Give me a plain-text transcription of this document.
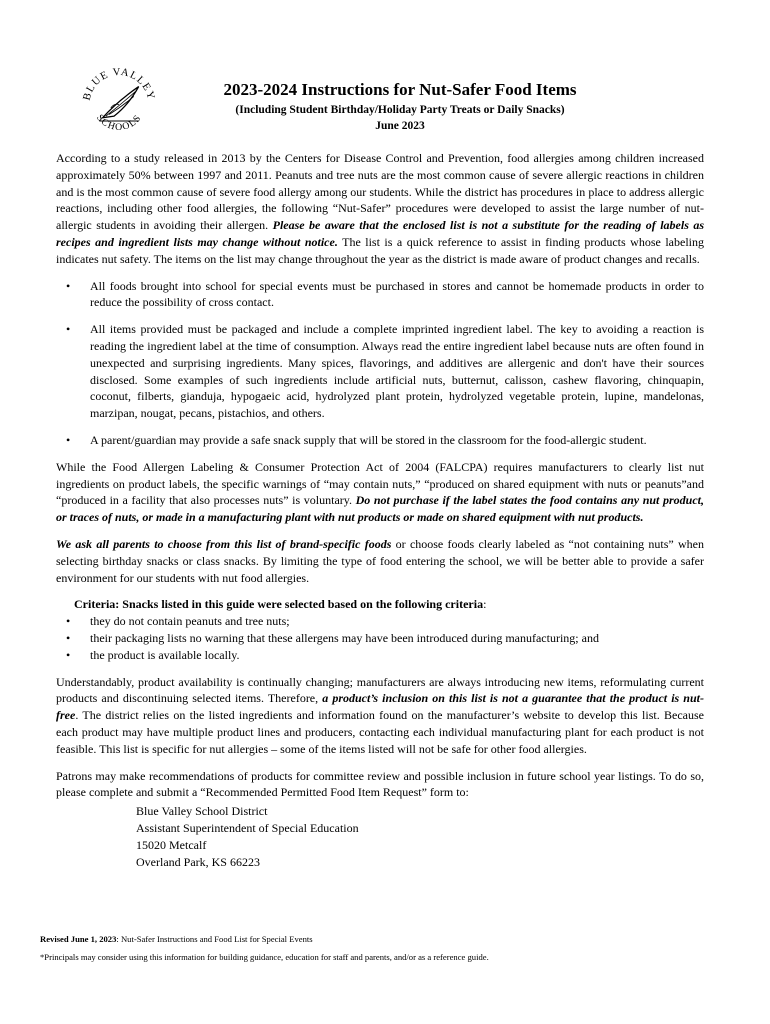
BLUE VALLEY
SCHOOLS
2023-2024 Instructions for Nut-Safer Food Items
(Including Student Birthday/Holiday Party Treats or Daily Snacks)
June 2023

According to a study released in 2013 by the Centers for Disease Control and Prevention, food allergies among children increased approximately 50% between 1997 and 2011. Peanuts and tree nuts are the most common cause of severe allergic reactions in children and is the most common cause of severe food allergy among our students. While the district has procedures in place to address allergic reactions, including other food allergies, the following “Nut-Safer” procedures were developed to assist the large number of nut-allergic students in avoiding their allergen. Please be aware that the enclosed list is not a substitute for the reading of labels as recipes and ingredient lists may change without notice. The list is a quick reference to assist in finding products whose labeling indicates nut safety. The items on the list may change throughout the year as the district is made aware of product changes and recalls.

• All foods brought into school for special events must be purchased in stores and cannot be homemade products in order to reduce the possibility of cross contact.
• All items provided must be packaged and include a complete imprinted ingredient label. The key to avoiding a reaction is reading the ingredient label at the time of consumption. Always read the entire ingredient label because nuts are often found in unexpected and surprising ingredients. Many spices, flavorings, and additives are allergenic and don't have their sources disclosed. Some examples of such ingredients include artificial nuts, butternut, calisson, cashew flavoring, chinquapin, coconut, filberts, gianduja, hypogaeic acid, hydrolyzed plant protein, hydrolyzed vegetable protein, lupine, mandelonas, marzipan, nougat, pecans, pistachios, and others.
• A parent/guardian may provide a safe snack supply that will be stored in the classroom for the food-allergic student.

While the Food Allergen Labeling & Consumer Protection Act of 2004 (FALCPA) requires manufacturers to clearly list nut ingredients on product labels, the specific warnings of “may contain nuts,” “produced on shared equipment with nuts or peanuts”and “produced in a facility that also processes nuts” is voluntary. Do not purchase if the label states the food contains any nut product, or traces of nuts, or made in a manufacturing plant with nut products or made on shared equipment with nut products.

We ask all parents to choose from this list of brand-specific foods or choose foods clearly labeled as “not containing nuts” when selecting birthday snacks or class snacks. By limiting the type of food entering the school, we will be better able to provide a safer environment for our students with nut food allergies.

Criteria: Snacks listed in this guide were selected based on the following criteria:
• they do not contain peanuts and tree nuts;
• their packaging lists no warning that these allergens may have been introduced during manufacturing; and
• the product is available locally.

Understandably, product availability is continually changing; manufacturers are always introducing new items, reformulating current products and discontinuing selected items. Therefore, a product’s inclusion on this list is not a guarantee that the product is nut-free. The district relies on the listed ingredients and information found on the manufacturer’s website to develop this list. Because each product may have multiple product lines and producers, contacting each individual manufacturing plant for each product is not feasible. This list is specific for nut allergies – some of the items listed will not be safe for other food allergies.

Patrons may make recommendations of products for committee review and possible inclusion in future school year listings. To do so, please complete and submit a “Recommended Permitted Food Item Request” form to:

Blue Valley School District
Assistant Superintendent of Special Education
15020 Metcalf
Overland Park, KS 66223
Revised June 1, 2023: Nut-Safer Instructions and Food List for Special Events
*Principals may consider using this information for building guidance, education for staff and parents, and/or as a reference guide.
